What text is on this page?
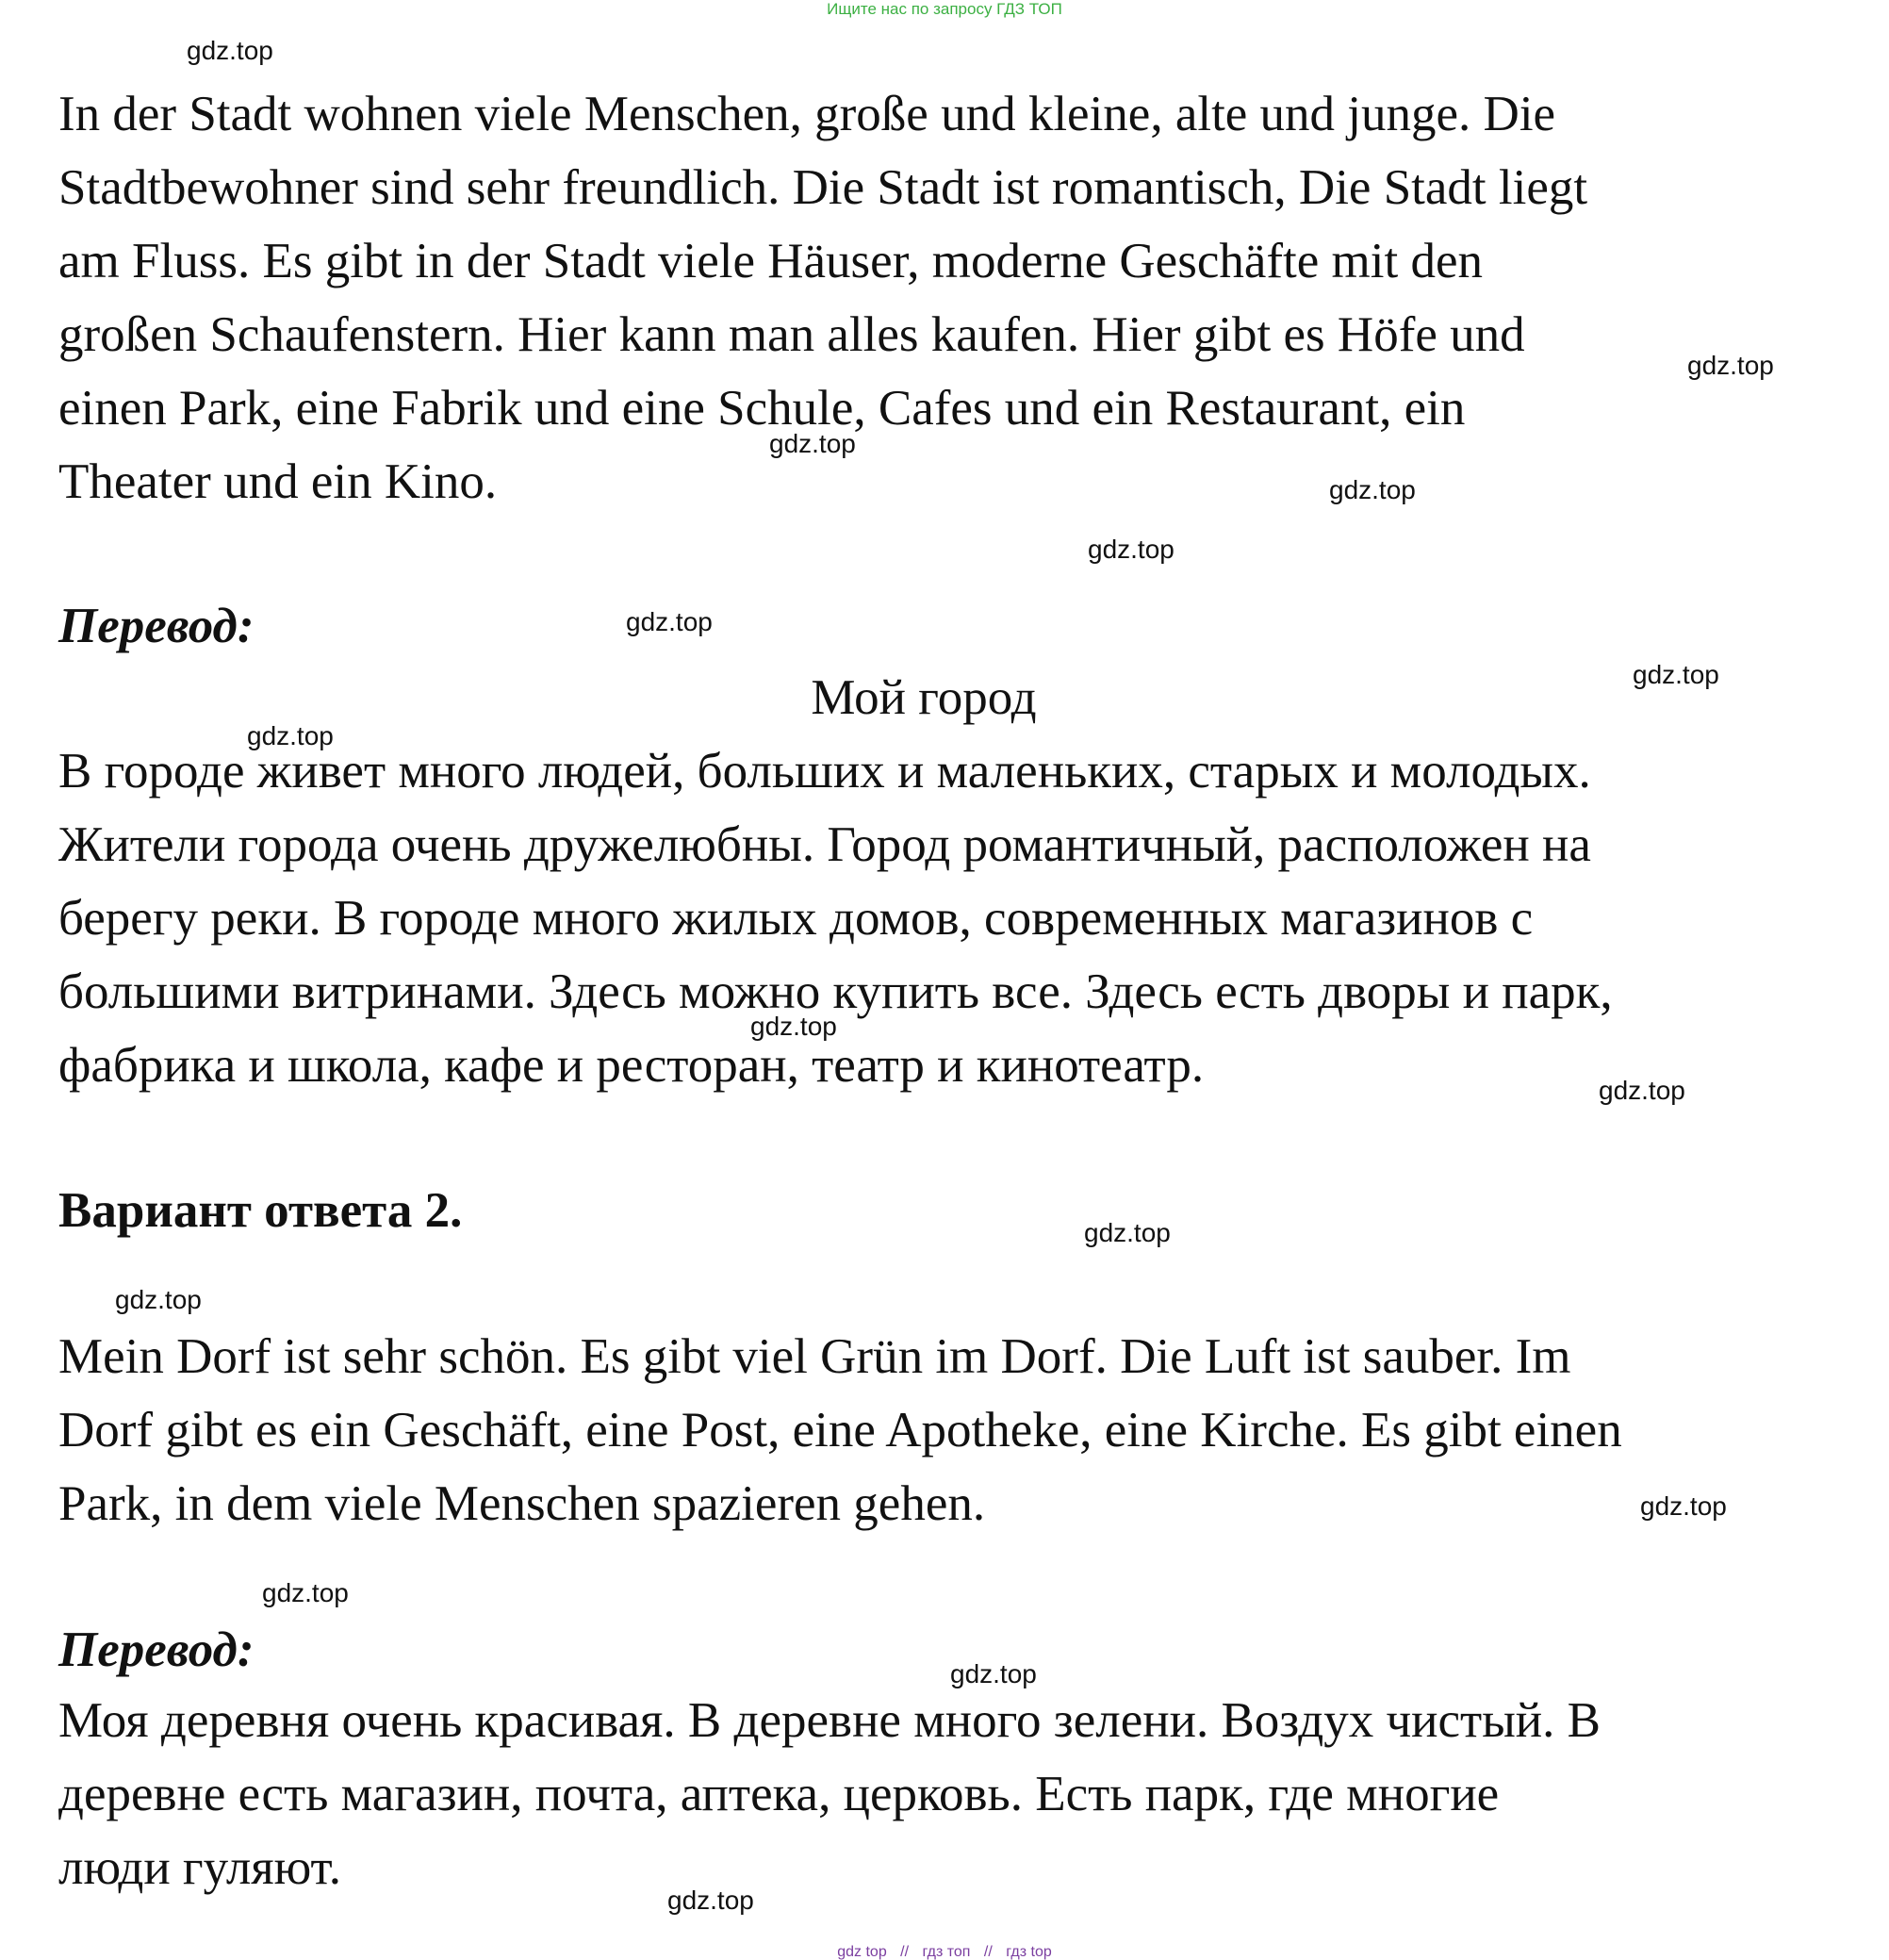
Ищите нас по запросу ГДЗ ТОП
In der Stadt wohnen viele Menschen, große und kleine, alte und junge. Die
Stadtbewohner sind sehr freundlich. Die Stadt ist romantisch, Die Stadt liegt
am Fluss. Es gibt in der Stadt viele Häuser, moderne Geschäfte mit den
großen Schaufenstern. Hier kann man alles kaufen. Hier gibt es Höfe und
einen Park, eine Fabrik und eine Schule, Cafes und ein Restaurant, ein
Theater und ein Kino.
Перевод:
Мой город
В городе живет много людей, больших и маленьких, старых и молодых.
Жители города очень дружелюбны. Город романтичный, расположен на
берегу реки. В городе много жилых домов, современных магазинов с
большими витринами. Здесь можно купить все. Здесь есть дворы и парк,
фабрика и школа, кафе и ресторан, театр и кинотеатр.
Вариант ответа 2.
Mein Dorf ist sehr schön. Es gibt viel Grün im Dorf. Die Luft ist sauber. Im
Dorf gibt es ein Geschäft, eine Post, eine Apotheke, eine Kirche. Es gibt einen
Park, in dem viele Menschen spazieren gehen.
Перевод:
Моя деревня очень красивая. В деревне много зелени. Воздух чистый. В
деревне есть магазин, почта, аптека, церковь. Есть парк, где многие
люди гуляют.
gdz.top
gdz.top
gdz.top
gdz.top
gdz.top
gdz.top
gdz.top
gdz.top
gdz.top
gdz.top
gdz.top
gdz.top
gdz.top
gdz.top
gdz.top
gdz.top
gdz top // гдз топ // гдз top
